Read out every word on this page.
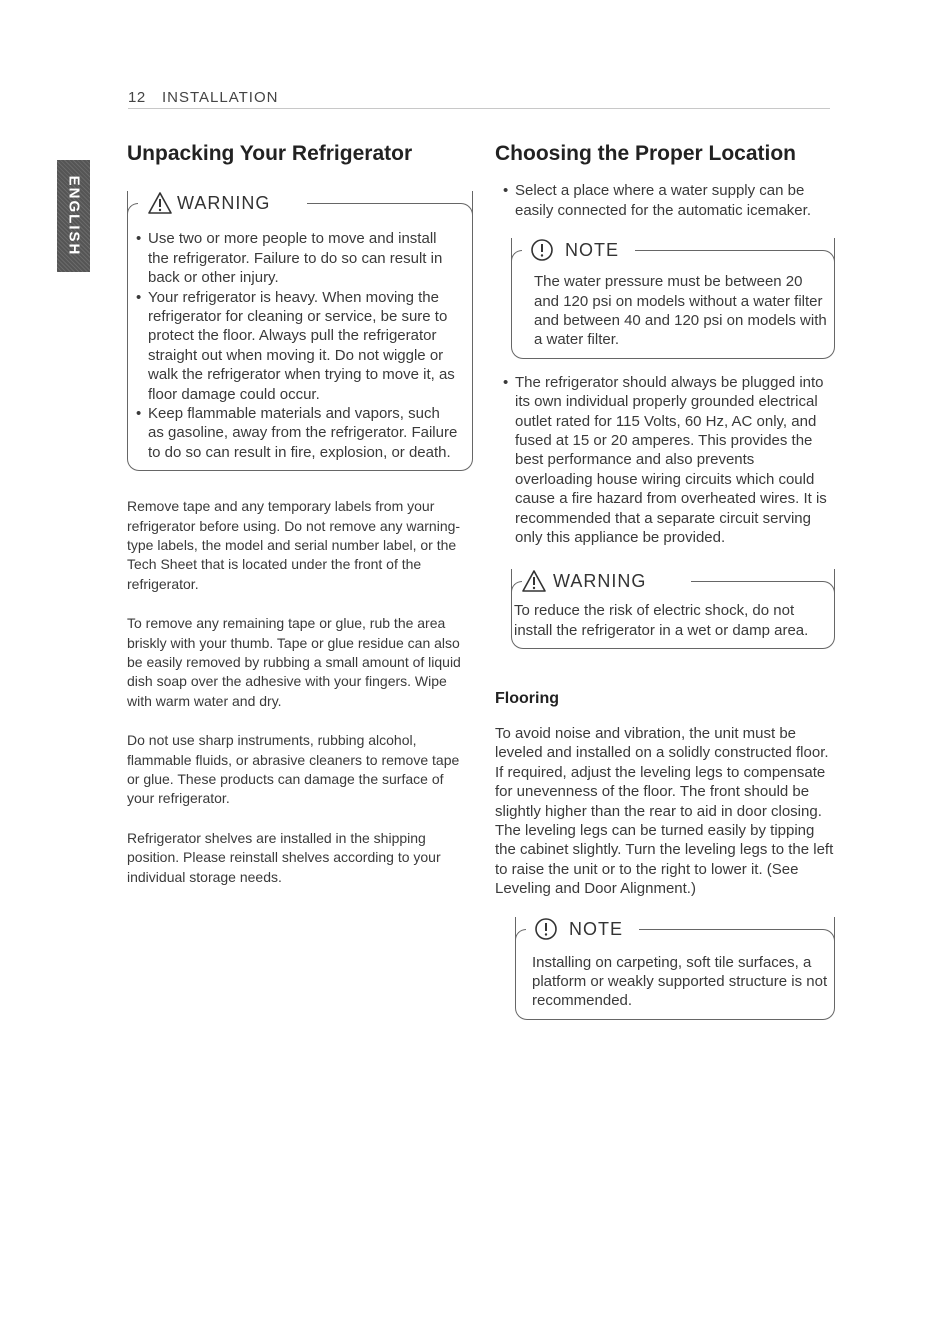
12 INSTALLATION
ENGLISH
Unpacking Your Refrigerator
WARNING
• Use two or more people to move and install the refrigerator. Failure to do so can result in back or other injury.
• Your refrigerator is heavy. When moving the refrigerator for cleaning or service, be sure to protect the floor. Always pull the refrigerator straight out when moving it. Do not wiggle or walk the refrigerator when trying to move it, as floor damage could occur.
• Keep flammable materials and vapors, such as gasoline, away from the refrigerator. Failure to do so can result in fire, explosion, or death.

Remove tape and any temporary labels from your refrigerator before using. Do not remove any warning-type labels, the model and serial number label, or the Tech Sheet that is located under the front of the refrigerator.

To remove any remaining tape or glue, rub the area briskly with your thumb. Tape or glue residue can also be easily removed by rubbing a small amount of liquid dish soap over the adhesive with your fingers. Wipe with warm water and dry.

Do not use sharp instruments, rubbing alcohol, flammable fluids, or abrasive cleaners to remove tape or glue. These products can damage the surface of your refrigerator.

Refrigerator shelves are installed in the shipping position. Please reinstall shelves according to your individual storage needs.

Choosing the Proper Location
• Select a place where a water supply can be easily connected for the automatic icemaker.
NOTE

The water pressure must be between 20 and 120 psi on models without a water filter and between 40 and 120 psi on models with a water filter.

• The refrigerator should always be plugged into its own individual properly grounded electrical outlet rated for 115 Volts, 60 Hz, AC only, and fused at 15 or 20 amperes. This provides the best performance and also prevents overloading house wiring circuits which could cause a fire hazard from overheated wires. It is recommended that a separate circuit serving only this appliance be provided.
WARNING

To reduce the risk of electric shock, do not install the refrigerator in a wet or damp area.

Flooring

To avoid noise and vibration, the unit must be leveled and installed on a solidly constructed floor. If required, adjust the leveling legs to compensate for unevenness of the floor. The front should be slightly higher than the rear to aid in door closing. The leveling legs can be turned easily by tipping the cabinet slightly. Turn the leveling legs to the left to raise the unit or to the right to lower it. (See Leveling and Door Alignment.)

NOTE

Installing on carpeting, soft tile surfaces, a platform or weakly supported structure is not recommended.
